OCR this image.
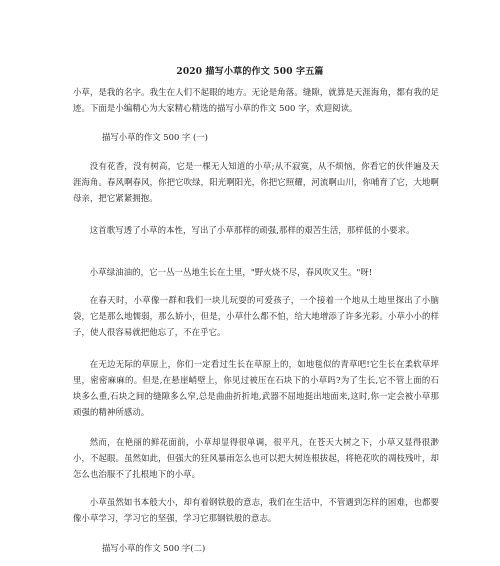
2020 描写小草的作文 500 字五篇

小草，是我的名字。我生在人们不起眼的地方。无论是角落。缝隙，就算是天涯海角，都有我的足迹。下面是小编精心为大家精心精选的描写小草的作文 500 字，欢迎阅读。

描写小草的作文 500 字 (一)

没有花香，没有树高，它是一棵无人知道的小草;从不寂寞，从不烦恼，你看它的伙伴遍及天涯海角。春风啊春风，你把它吹绿，阳光啊阳光，你把它照耀，河流啊山川，你哺育了它，大地啊母亲，把它紧紧拥抱。

这首歌写透了小草的本性，写出了小草那样的顽强,那样的艰苦生活，那样低的小要求。

小草绿油油的，它一丛一丛地生长在土里，"野火烧不尽，春风吹又生。"呀!

在春天时，小草像一群和我们一块儿玩耍的可爱孩子，一个接着一个地从土地里探出了小脑袋，它是那么地懦弱，那么娇小，但是，小草什么都不怕，给大地增添了许多光彩。小草小小的样子，使人很容易就把他忘了，不在乎它。

在无边无际的草原上，你们一定看过生长在草原上的，如地毯似的青草吧!它生长在柔软草坪里，密密麻麻的。但是,在悬崖峭壁上，你见过被压在石块下的小草吗?为了生长,它不管上面的石块多么重,石块之间的缝隙多么窄,总是曲曲折折地,武器不屈地挺出地面来,这时,你一定会被小草那顽强的精神所感动。

然而，在艳丽的鲜花面前，小草却显得很单调，很平凡，在苍天大树之下，小草又显得很渺小，不起眼。虽然如此，但强大的狂风暴雨怎么也可以把大树连根拔起，将艳花吹的凋枝残叶，却怎么也治服不了扎根地下的小草。

小草虽然如书本般大小，却有着钢铁般的意志，我们在生活中，不管遇到怎样的困难，也都要像小草学习，学习它的坚强，学习它那钢铁般的意志。

描写小草的作文 500 字(二)
